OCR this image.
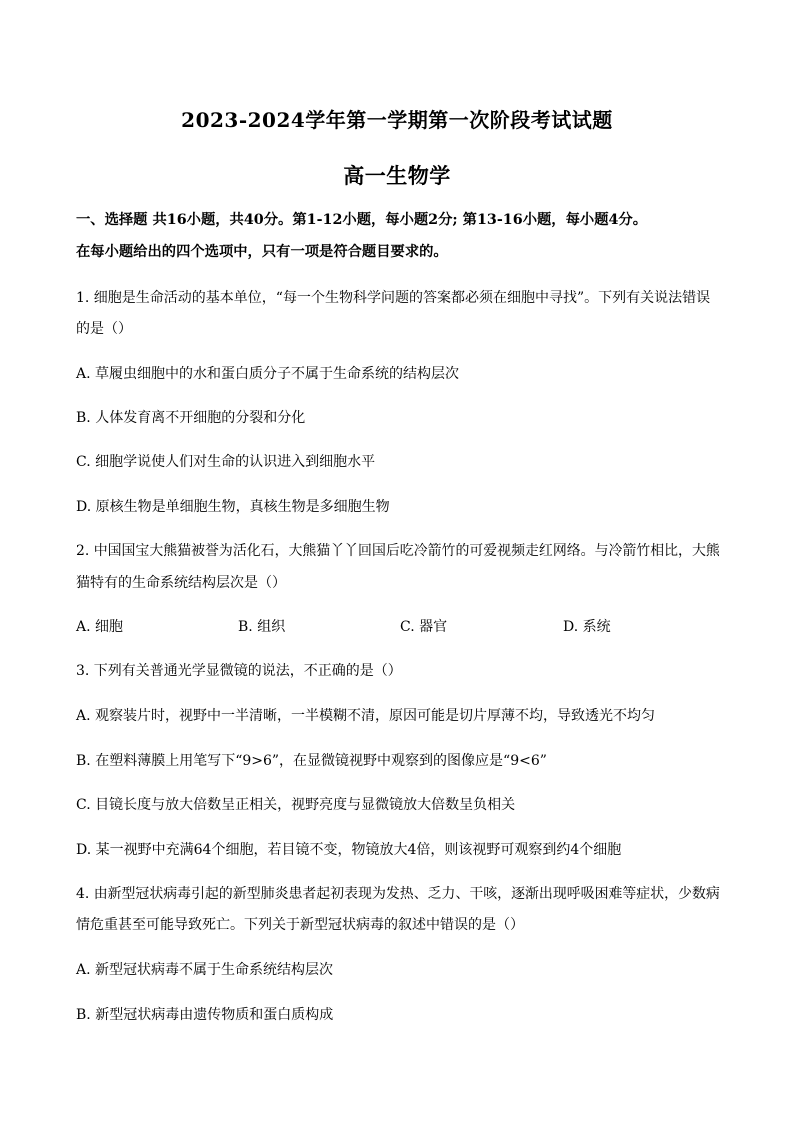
2023-2024学年第一学期第一次阶段考试试题
高一生物学
一、选择题 共16小题，共40分。第1-12小题，每小题2分; 第13-16小题，每小题4分。
在每小题给出的四个选项中，只有一项是符合题目要求的。
1. 细胞是生命活动的基本单位，“每一个生物科学问题的答案都必须在细胞中寻找”。下列有关说法错误
的是（）
A. 草履虫细胞中的水和蛋白质分子不属于生命系统的结构层次
B. 人体发育离不开细胞的分裂和分化
C. 细胞学说使人们对生命的认识进入到细胞水平
D. 原核生物是单细胞生物，真核生物是多细胞生物
2. 中国国宝大熊猫被誉为活化石，大熊猫丫丫回国后吃冷箭竹的可爱视频走红网络。与冷箭竹相比，大熊
猫特有的生命系统结构层次是（）
A. 细胞	B. 组织	C. 器官	D. 系统
3. 下列有关普通光学显微镜的说法，不正确的是（）
A. 观察装片时，视野中一半清晰，一半模糊不清，原因可能是切片厚薄不均，导致透光不均匀
B. 在塑料薄膜上用笔写下“9>6”，在显微镜视野中观察到的图像应是“9<6”
C. 目镜长度与放大倍数呈正相关，视野亮度与显微镜放大倍数呈负相关
D. 某一视野中充满64个细胞，若目镜不变，物镜放大4倍，则该视野可观察到约4个细胞
4. 由新型冠状病毒引起的新型肺炎患者起初表现为发热、乏力、干咳，逐渐出现呼吸困难等症状，少数病
情危重甚至可能导致死亡。下列关于新型冠状病毒的叙述中错误的是（）
A. 新型冠状病毒不属于生命系统结构层次
B. 新型冠状病毒由遗传物质和蛋白质构成
